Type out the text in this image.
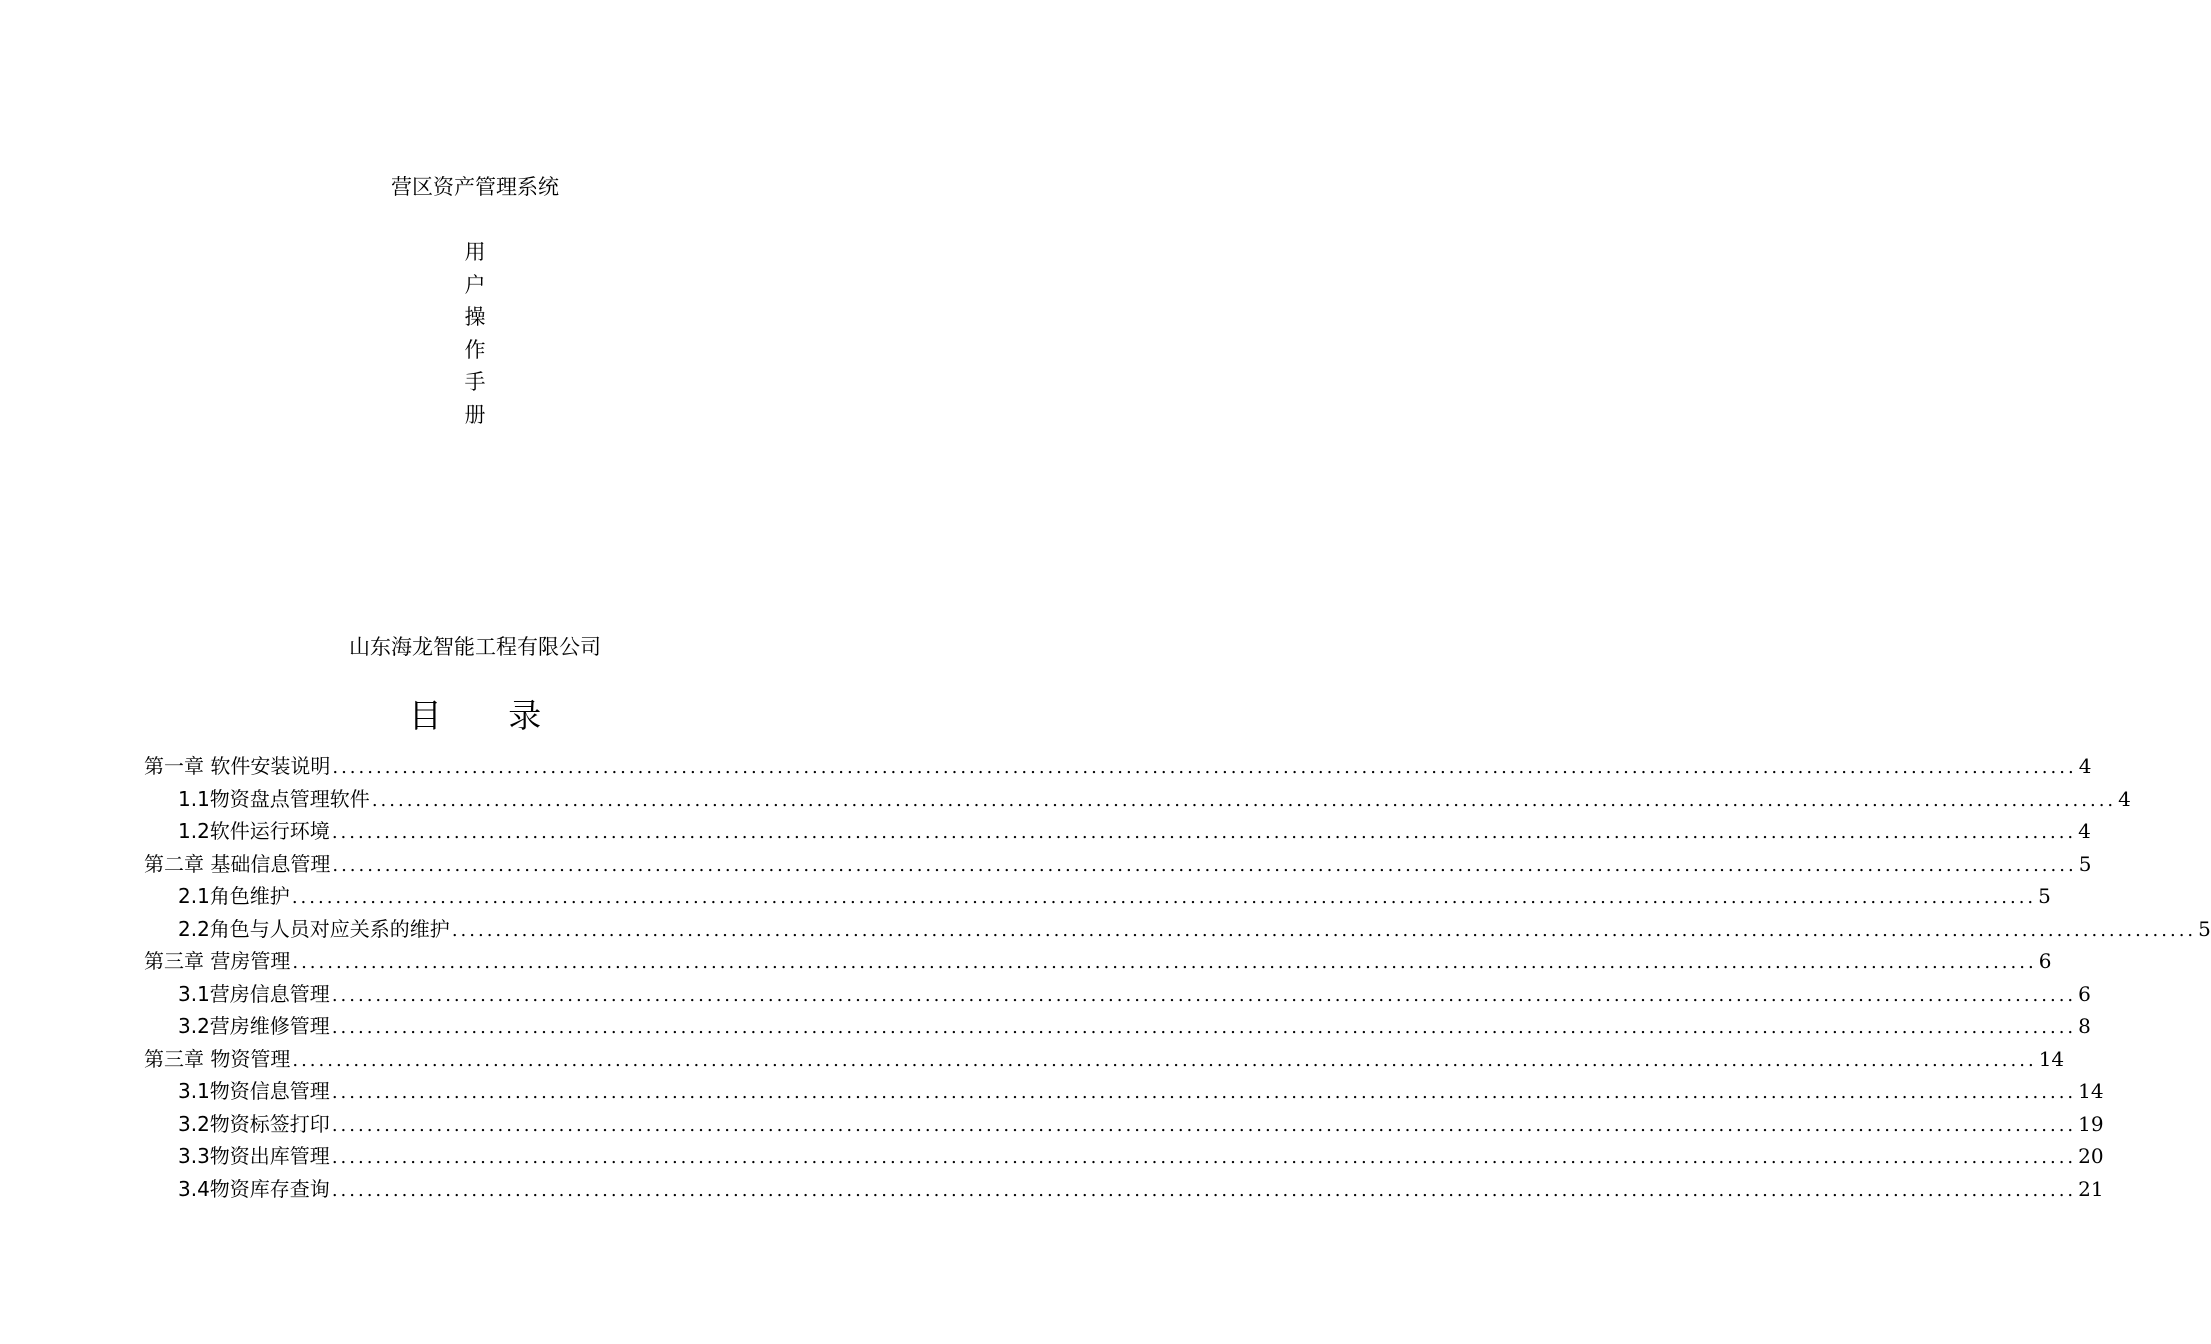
营区资产管理系统
用
户
操
作
手
册
山东海龙智能工程有限公司
目 录
第一章 软件安装说明 ........................................................................................................................................................................................................ 4
1.1物资盘点管理软件 ........................................................................................................................................................................................................ 4
1.2软件运行环境 ........................................................................................................................................................................................................ 4
第二章 基础信息管理 ........................................................................................................................................................................................................ 5
2.1角色维护 ........................................................................................................................................................................................................ 5
2.2角色与人员对应关系的维护 ........................................................................................................................................................................................................ 5
第三章 营房管理 ........................................................................................................................................................................................................ 6
3.1营房信息管理 ........................................................................................................................................................................................................ 6
3.2营房维修管理 ........................................................................................................................................................................................................ 8
第三章 物资管理 ........................................................................................................................................................................................................ 14
3.1物资信息管理 ........................................................................................................................................................................................................ 14
3.2物资标签打印 ........................................................................................................................................................................................................ 19
3.3物资出库管理 ........................................................................................................................................................................................................ 20
3.4物资库存查询 ........................................................................................................................................................................................................ 21
